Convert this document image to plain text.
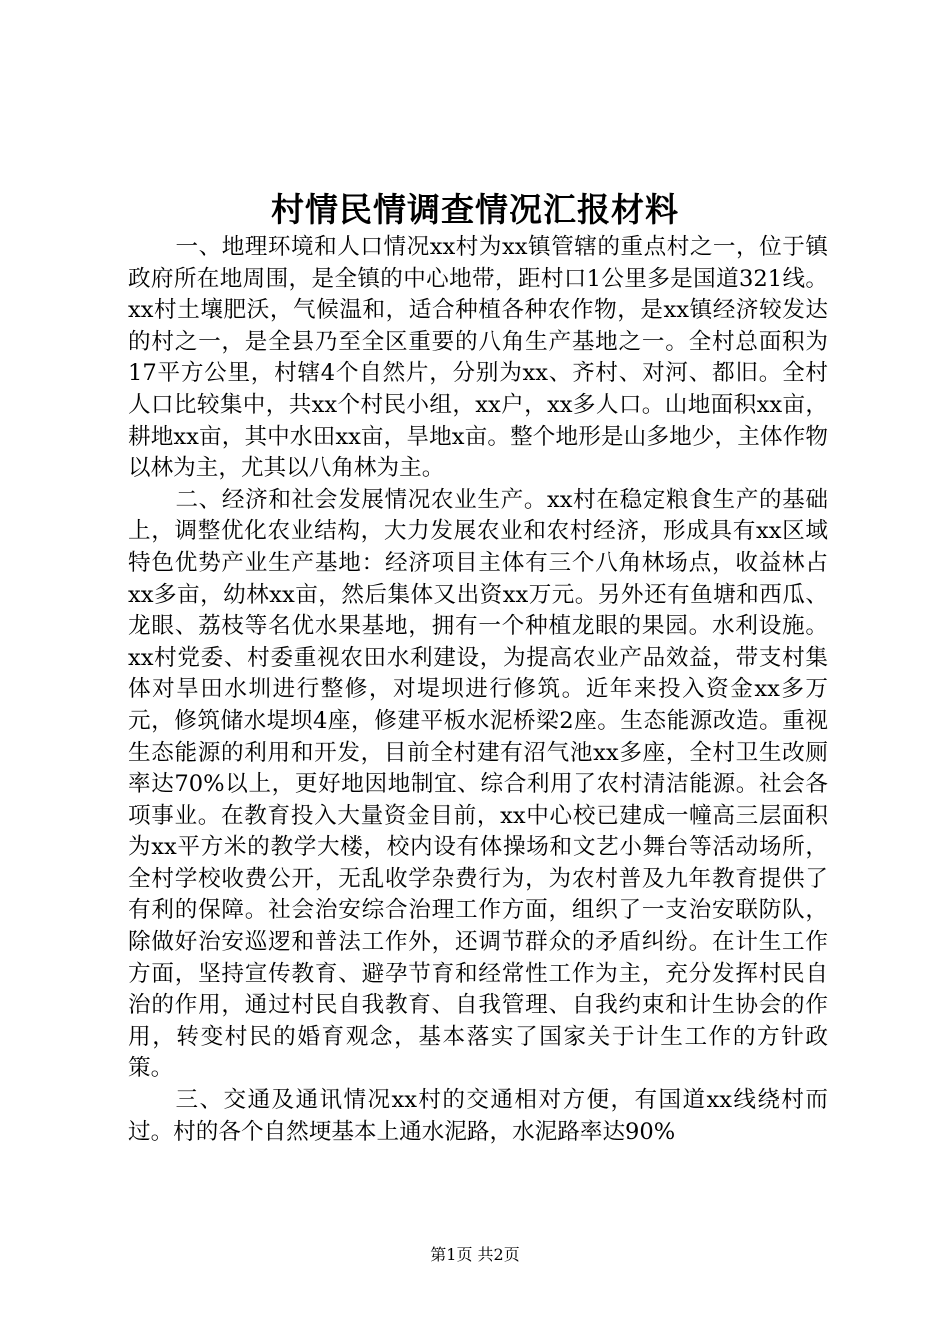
村情民情调查情况汇报材料

一、地理环境和人口情况xx村为xx镇管辖的重点村之一，位于镇政府所在地周围，是全镇的中心地带，距村口1公里多是国道321线。xx村土壤肥沃，气候温和，适合种植各种农作物，是xx镇经济较发达的村之一，是全县乃至全区重要的八角生产基地之一。全村总面积为17平方公里，村辖4个自然片，分别为xx、齐村、对河、都旧。全村人口比较集中，共xx个村民小组，xx户，xx多人口。山地面积xx亩，耕地xx亩，其中水田xx亩，旱地x亩。整个地形是山多地少，主体作物以林为主，尤其以八角林为主。

二、经济和社会发展情况农业生产。xx村在稳定粮食生产的基础上，调整优化农业结构，大力发展农业和农村经济，形成具有xx区域特色优势产业生产基地：经济项目主体有三个八角林场点，收益林占xx多亩，幼林xx亩，然后集体又出资xx万元。另外还有鱼塘和西瓜、龙眼、荔枝等名优水果基地，拥有一个种植龙眼的果园。水利设施。xx村党委、村委重视农田水利建设，为提高农业产品效益，带支村集体对旱田水圳进行整修，对堤坝进行修筑。近年来投入资金xx多万元，修筑储水堤坝4座，修建平板水泥桥梁2座。生态能源改造。重视生态能源的利用和开发，目前全村建有沼气池xx多座，全村卫生改厕率达70%以上，更好地因地制宜、综合利用了农村清洁能源。社会各项事业。在教育投入大量资金目前，xx中心校已建成一幢高三层面积为xx平方米的教学大楼，校内设有体操场和文艺小舞台等活动场所，全村学校收费公开，无乱收学杂费行为，为农村普及九年教育提供了有利的保障。社会治安综合治理工作方面，组织了一支治安联防队，除做好治安巡逻和普法工作外，还调节群众的矛盾纠纷。在计生工作方面，坚持宣传教育、避孕节育和经常性工作为主，充分发挥村民自治的作用，通过村民自我教育、自我管理、自我约束和计生协会的作用，转变村民的婚育观念，基本落实了国家关于计生工作的方针政策。

三、交通及通讯情况xx村的交通相对方便，有国道xx线绕村而过。村的各个自然埂基本上通水泥路，水泥路率达90%

第1页 共2页
